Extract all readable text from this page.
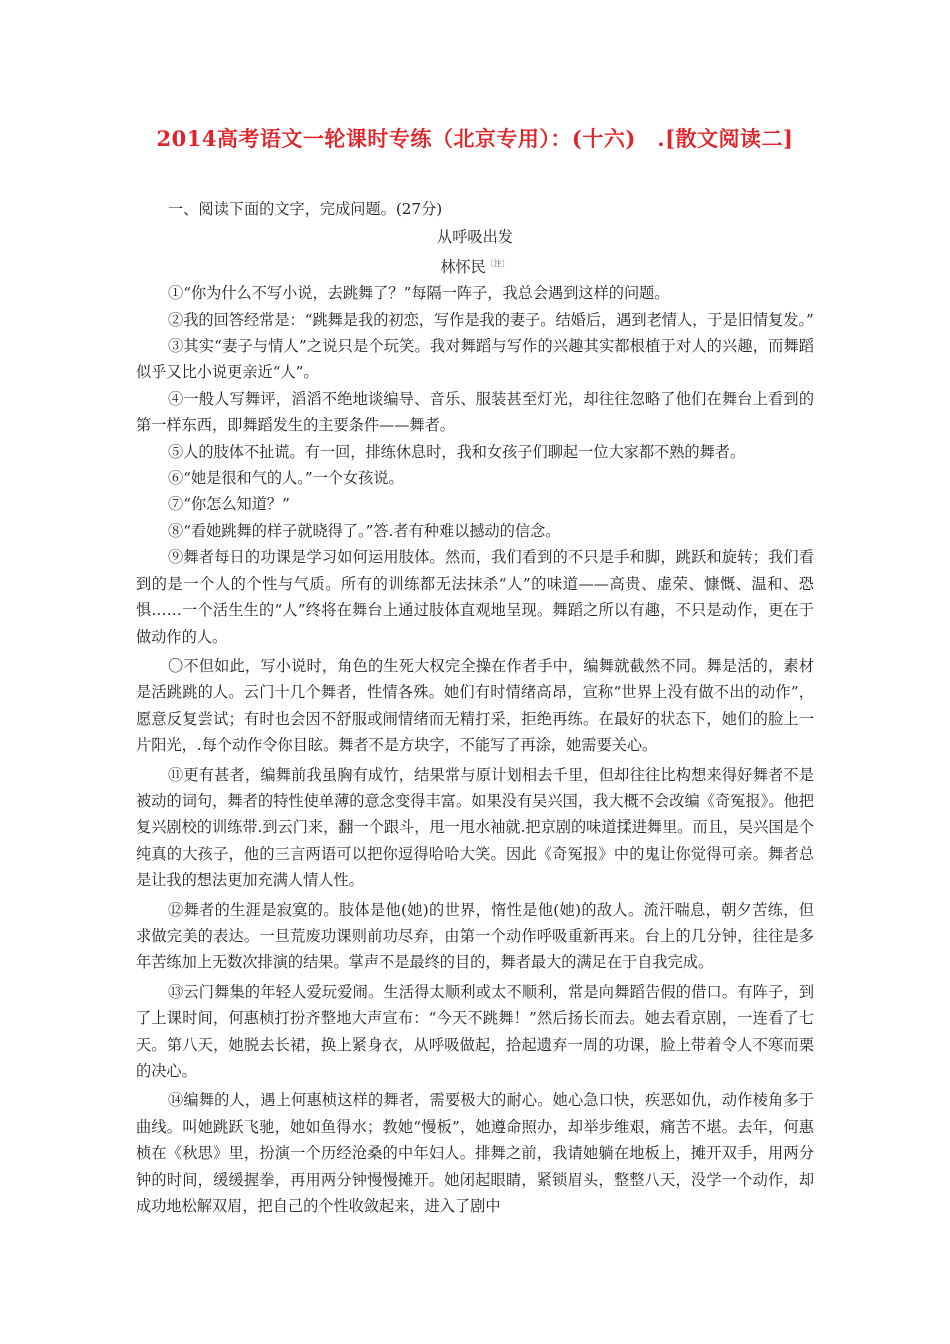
2014高考语文一轮课时专练（北京专用）：(十六)　.[散文阅读二]

一、阅读下面的文字，完成问题。(27分)

从呼吸出发

林怀民$^{〔注〕}$

①“你为什么不写小说，去跳舞了？”每隔一阵子，我总会遇到这样的问题。

②我的回答经常是：“跳舞是我的初恋，写作是我的妻子。结婚后，遇到老情人，于是旧情复发。”

③其实“妻子与情人”之说只是个玩笑。我对舞蹈与写作的兴趣其实都根植于对人的兴趣，而舞蹈似乎又比小说更亲近“人”。

④一般人写舞评，滔滔不绝地谈编导、音乐、服装甚至灯光，却往往忽略了他们在舞台上看到的第一样东西，即舞蹈发生的主要条件——舞者。

⑤人的肢体不扯谎。有一回，排练休息时，我和女孩子们聊起一位大家都不熟的舞者。

⑥“她是很和气的人。”一个女孩说。

⑦“你怎么知道？”

⑧“看她跳舞的样子就晓得了。”答.者有种难以撼动的信念。

⑨舞者每日的功课是学习如何运用肢体。然而，我们看到的不只是手和脚，跳跃和旋转；我们看到的是一个人的个性与气质。所有的训练都无法抹杀“人”的味道——高贵、虚荣、慷慨、温和、恐惧……一个活生生的“人”终将在舞台上通过肢体直观地呈现。舞蹈之所以有趣，不只是动作，更在于做动作的人。

〇不但如此，写小说时，角色的生死大权完全操在作者手中，编舞就截然不同。舞是活的，素材是活跳跳的人。云门十几个舞者，性情各殊。她们有时情绪高昂，宣称“世界上没有做不出的动作”，愿意反复尝试；有时也会因不舒服或闹情绪而无精打采，拒绝再练。在最好的状态下，她们的脸上一片阳光，.每个动作令你目眩。舞者不是方块字，不能写了再涂，她需要关心。

⑪更有甚者，编舞前我虽胸有成竹，结果常与原计划相去千里，但却往往比构想来得好舞者不是被动的词句，舞者的特性使单薄的意念变得丰富。如果没有吴兴国，我大概不会改编《奇冤报》。他把复兴剧校的训练带.到云门来，翻一个跟斗，甩一甩水袖就.把京剧的味道揉进舞里。而且，吴兴国是个纯真的大孩子，他的三言两语可以把你逗得哈哈大笑。因此《奇冤报》中的鬼让你觉得可亲。舞者总是让我的想法更加充满人情人性。

⑫舞者的生涯是寂寞的。肢体是他(她)的世界，惰性是他(她)的敌人。流汗喘息，朝夕苦练，但求做完美的表达。一旦荒废功课则前功尽弃，由第一个动作呼吸重新再来。台上的几分钟，往往是多年苦练加上无数次排演的结果。掌声不是最终的目的，舞者最大的满足在于自我完成。

⑬云门舞集的年轻人爱玩爱闹。生活得太顺利或太不顺利，常是向舞蹈告假的借口。有阵子，到了上课时间，何惠桢打扮齐整地大声宣布：“今天不跳舞！”然后扬长而去。她去看京剧，一连看了七天。第八天，她脱去长裙，换上紧身衣，从呼吸做起，拾起遗弃一周的功课，脸上带着令人不寒而栗的决心。

⑭编舞的人，遇上何惠桢这样的舞者，需要极大的耐心。她心急口快，疾恶如仇，动作棱角多于曲线。叫她跳跃飞驰，她如鱼得水；教她“慢板”，她遵命照办，却举步维艰，痛苦不堪。去年，何惠桢在《秋思》里，扮演一个历经沧桑的中年妇人。排舞之前，我请她躺在地板上，摊开双手，用两分钟的时间，缓缓握拳，再用两分钟慢慢摊开。她闭起眼睛，紧锁眉头，整整八天，没学一个动作，却成功地松解双眉，把自己的个性收敛起来，进入了剧中
